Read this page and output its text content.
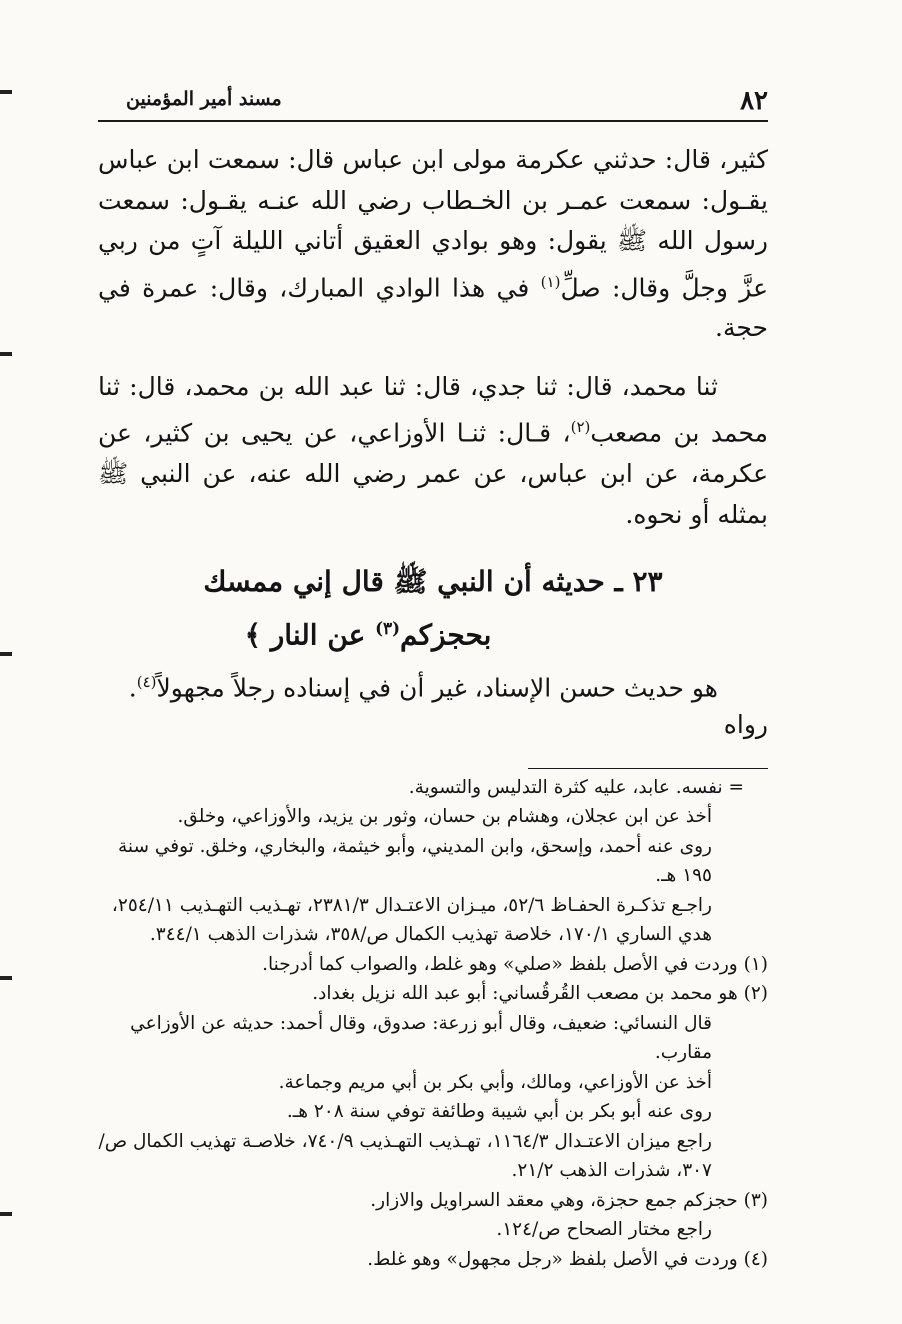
٨٢
مسند أمير المؤمنين

كثير، قال: حدثني عكرمة مولى ابن عباس قال: سمعت ابن عباس يقـول: سمعت عمـر بن الخـطاب رضي الله عنـه يقـول: سمعت رسول الله ﷺ يقول: وهو بوادي العقيق أتاني الليلة آتٍ من ربي عزَّ وجلَّ وقال: صلِّ$^{(١)}$ في هذا الوادي المبارك، وقال: عمرة في حجة.

ثنا محمد، قال: ثنا جدي، قال: ثنا عبد الله بن محمد، قال: ثنا محمد بن مصعب$^{(٢)}$، قـال: ثنـا الأوزاعي، عن يحيى بن كثير، عن عكرمة، عن ابن عباس، عن عمر رضي الله عنه، عن النبي ﷺ بمثله أو نحوه.

٢٣ ـ حديثه أن النبي ﷺ قال إني ممسك
بحجزكم$^{(٣)}$ عن النار ﴾

هو حديث حسن الإسناد، غير أن في إسناده رجلاً مجهولاً$^{(٤)}$. رواه

= نفسه. عابد، عليه كثرة التدليس والتسوية.

أخذ عن ابن عجلان، وهشام بن حسان، وثور بن يزيد، والأوزاعي، وخلق.

روى عنه أحمد، وإسحق، وابن المديني، وأبو خيثمة، والبخاري، وخلق. توفي سنة ١٩٥ هـ.

راجـع تذكـرة الحفـاظ ٥٢/٦، ميـزان الاعتـدال ٢٣٨١/٣، تهـذيب التهـذيب ٢٥٤/١١، هدي الساري ١٧٠/١، خلاصة تهذيب الكمال ص/٣٥٨، شذرات الذهب ٣٤٤/١.

(١) وردت في الأصل بلفظ «صلي» وهو غلط، والصواب كما أدرجنا.

(٢) هو محمد بن مصعب القُرقُساني: أبو عبد الله نزيل بغداد.

قال النسائي: ضعيف، وقال أبو زرعة: صدوق، وقال أحمد: حديثه عن الأوزاعي مقارب.

أخذ عن الأوزاعي، ومالك، وأبي بكر بن أبي مريم وجماعة.

روى عنه أبو بكر بن أبي شيبة وطائفة توفي سنة ٢٠٨ هـ.

راجع ميزان الاعتـدال ١١٦٤/٣، تهـذيب التهـذيب ٧٤٠/٩، خلاصـة تهذيب الكمال ص/٣٠٧، شذرات الذهب ٢١/٢.

(٣) حجزكم جمع حجزة، وهي معقد السراويل والازار.

راجع مختار الصحاح ص/١٢٤.

(٤) وردت في الأصل بلفظ «رجل مجهول» وهو غلط.
